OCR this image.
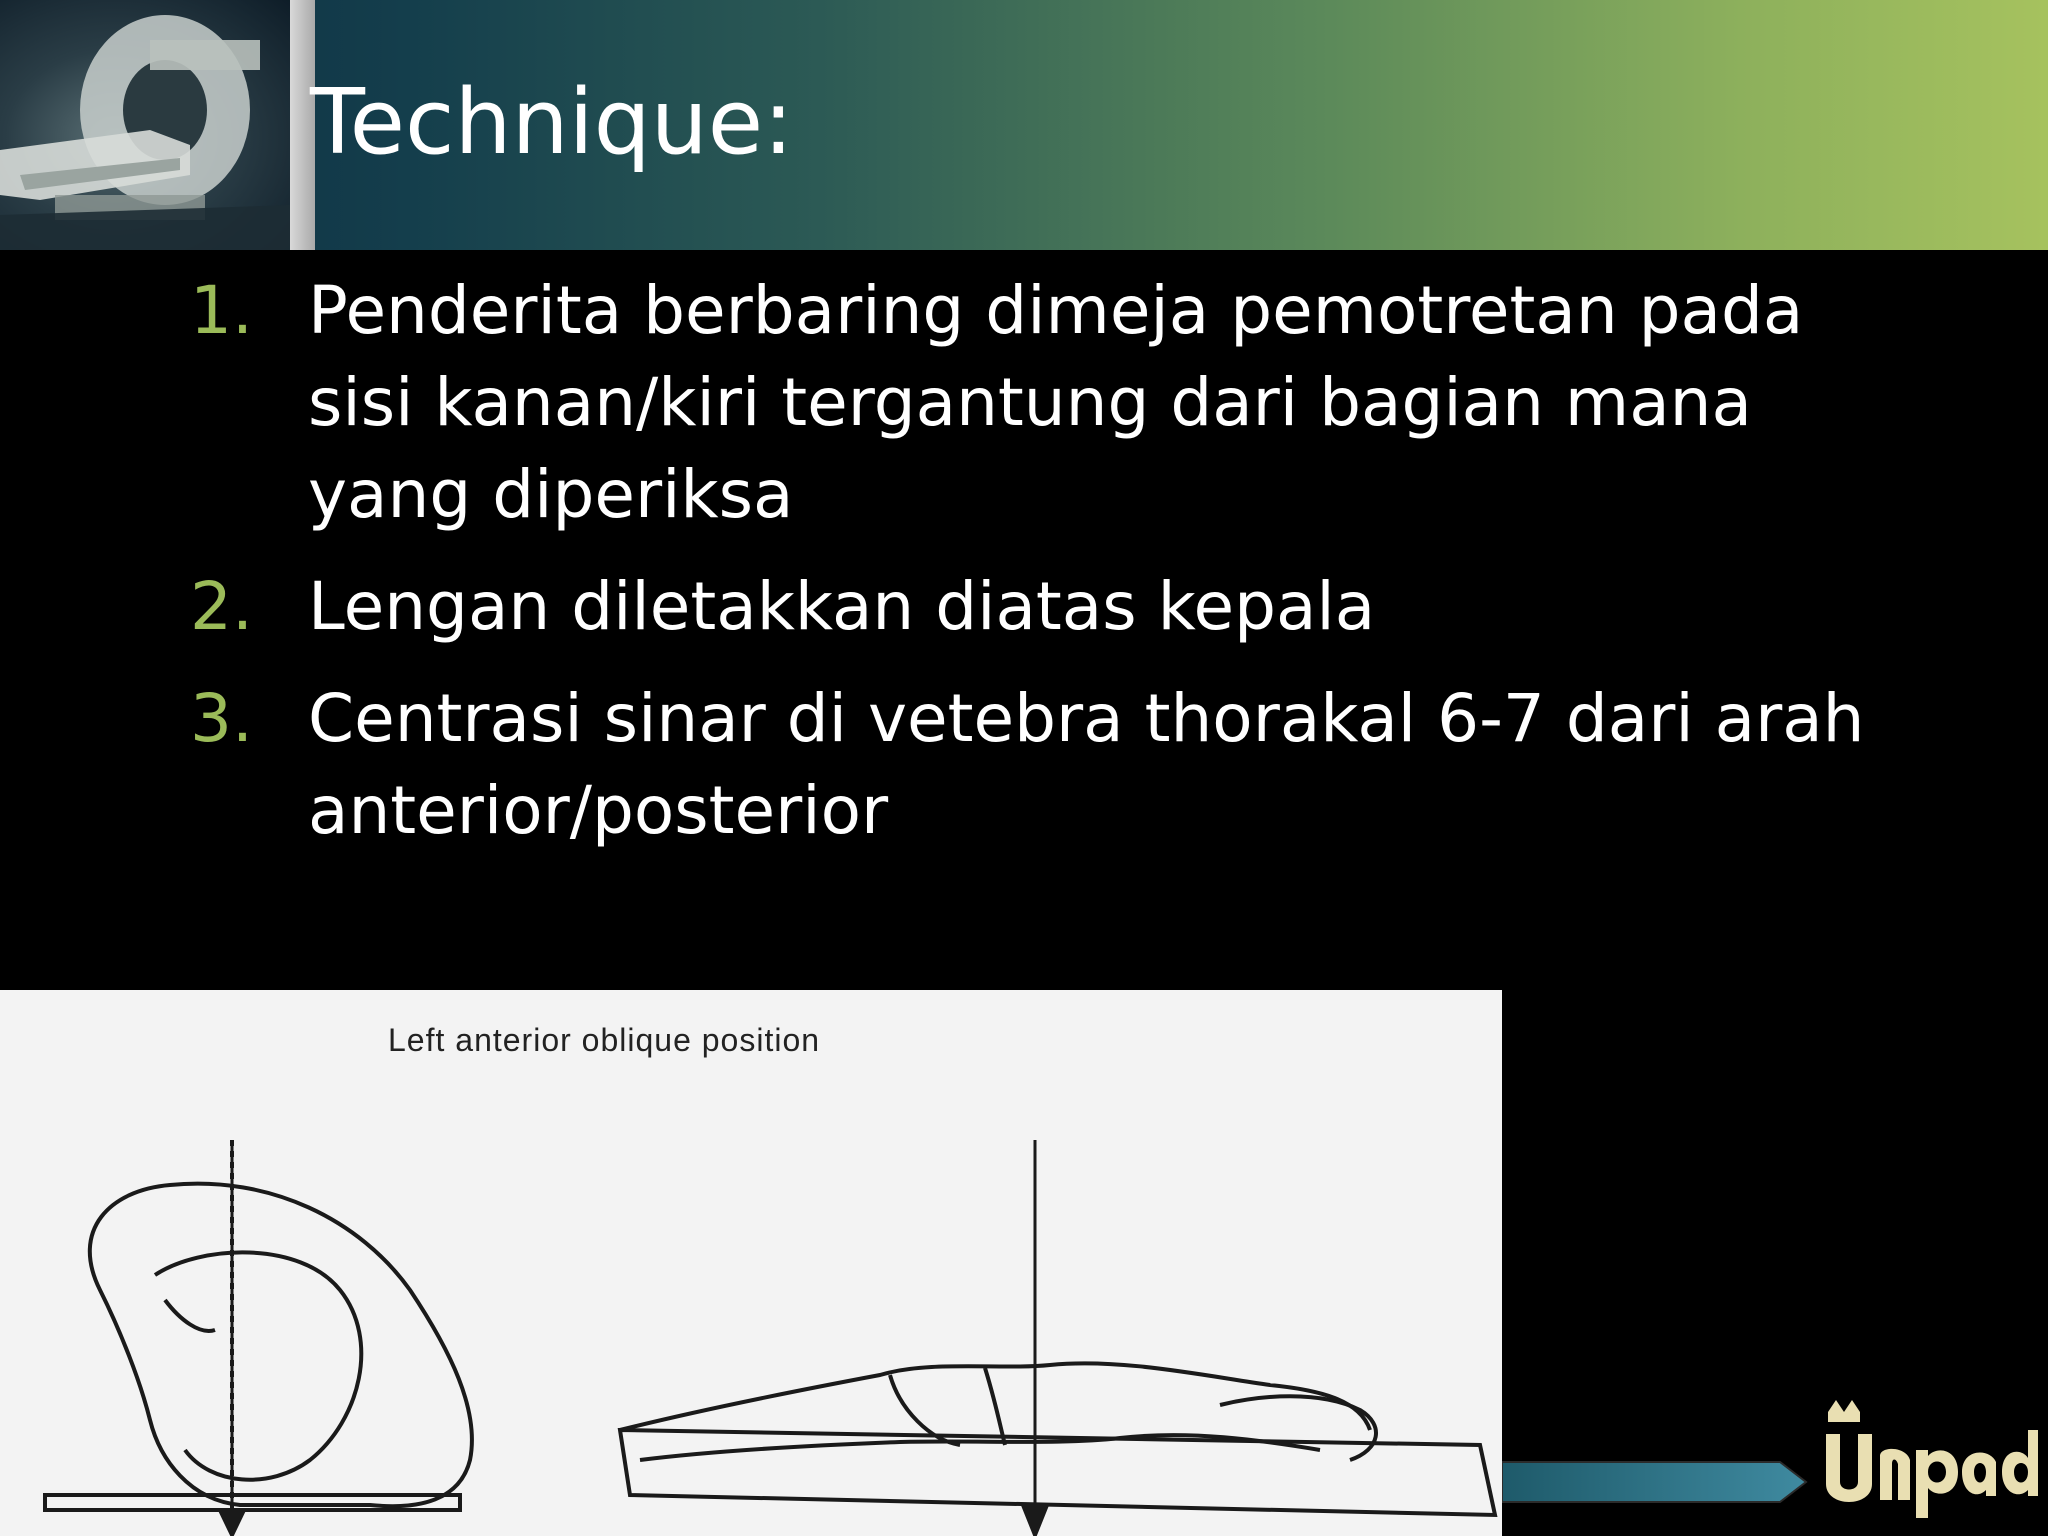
Technique:
1. Penderita berbaring dimeja pemotretan pada sisi kanan/kiri tergantung dari bagian mana yang diperiksa
2. Lengan diletakkan diatas kepala
3. Centrasi sinar di vetebra thorakal 6-7 dari arah anterior/posterior
Left anterior oblique position
